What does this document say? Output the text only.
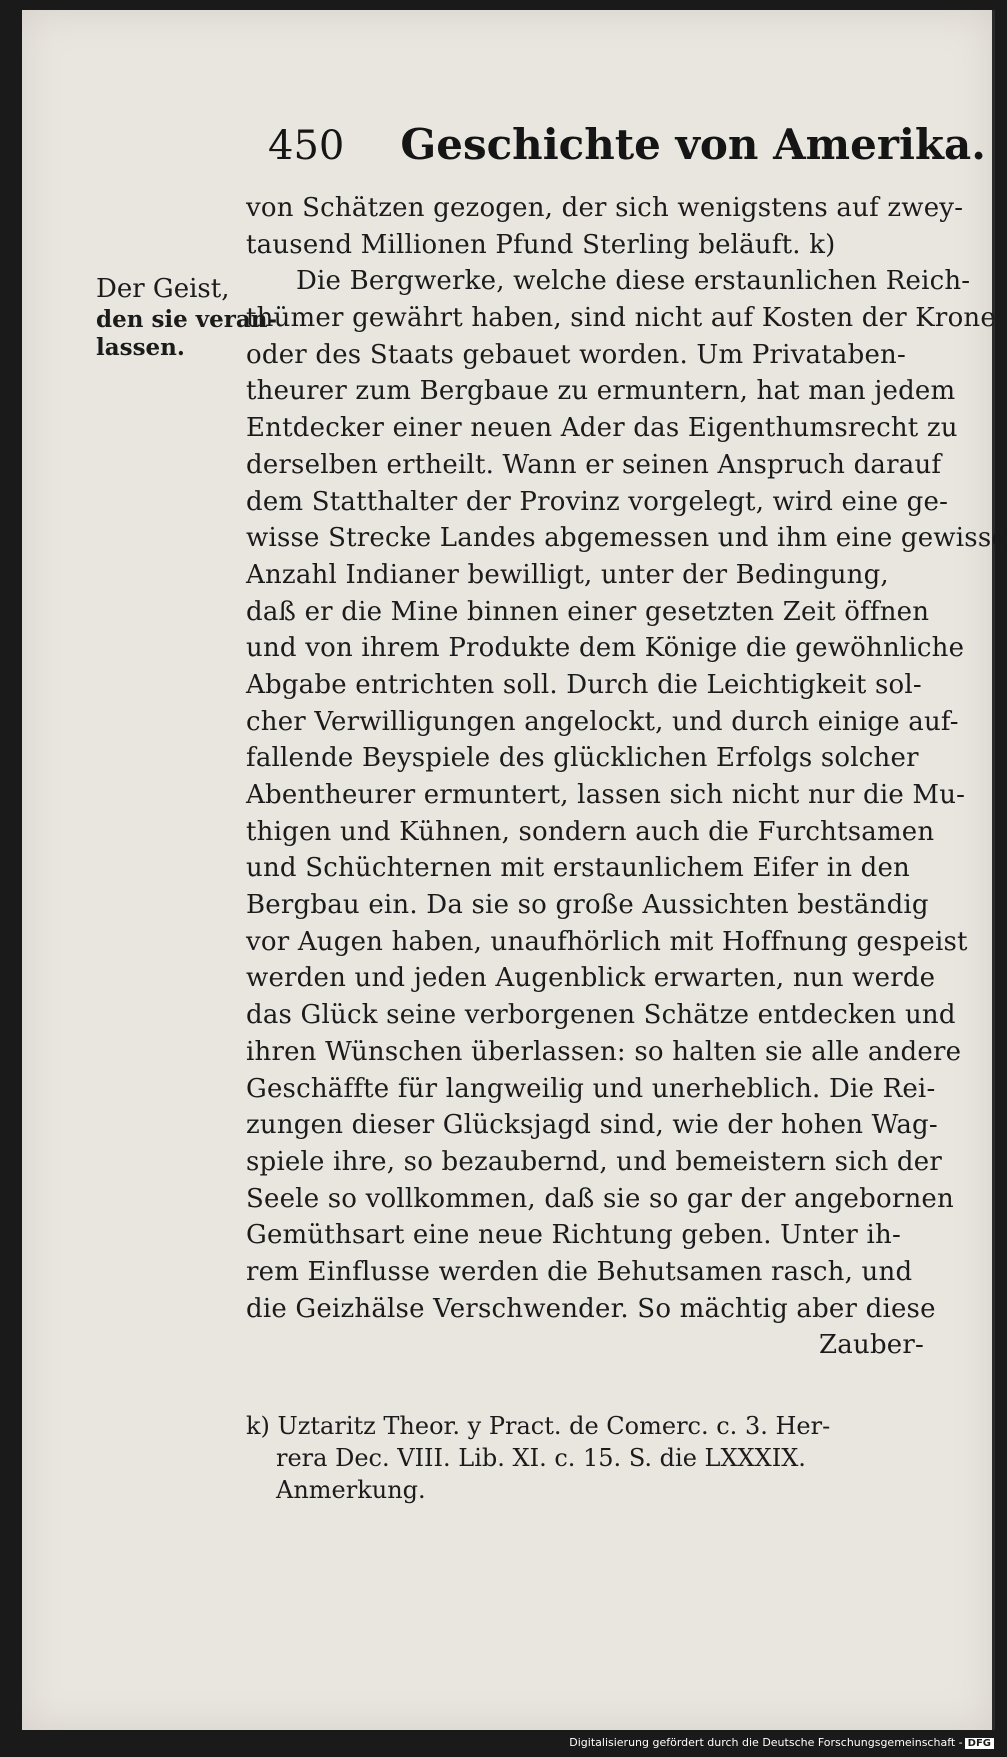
450 Geschichte von Amerika.
Der Geist,
den sie veran-
lassen.
von Schätzen gezogen, der sich wenigstens auf zwey-
tausend Millionen Pfund Sterling beläuft. k)
Die Bergwerke, welche diese erstaunlichen Reich-
thümer gewährt haben, sind nicht auf Kosten der Krone
oder des Staats gebauet worden. Um Privataben-
theurer zum Bergbaue zu ermuntern, hat man jedem
Entdecker einer neuen Ader das Eigenthumsrecht zu
derselben ertheilt. Wann er seinen Anspruch darauf
dem Statthalter der Provinz vorgelegt, wird eine ge-
wisse Strecke Landes abgemessen und ihm eine gewisse
Anzahl Indianer bewilligt, unter der Bedingung,
daß er die Mine binnen einer gesetzten Zeit öffnen
und von ihrem Produkte dem Könige die gewöhnliche
Abgabe entrichten soll. Durch die Leichtigkeit sol-
cher Verwilligungen angelockt, und durch einige auf-
fallende Beyspiele des glücklichen Erfolgs solcher
Abentheurer ermuntert, lassen sich nicht nur die Mu-
thigen und Kühnen, sondern auch die Furchtsamen
und Schüchternen mit erstaunlichem Eifer in den
Bergbau ein. Da sie so große Aussichten beständig
vor Augen haben, unaufhörlich mit Hoffnung gespeist
werden und jeden Augenblick erwarten, nun werde
das Glück seine verborgenen Schätze entdecken und
ihren Wünschen überlassen: so halten sie alle andere
Geschäffte für langweilig und unerheblich. Die Rei-
zungen dieser Glücksjagd sind, wie der hohen Wag-
spiele ihre, so bezaubernd, und bemeistern sich der
Seele so vollkommen, daß sie so gar der angebornen
Gemüthsart eine neue Richtung geben. Unter ih-
rem Einflusse werden die Behutsamen rasch, und
die Geizhälse Verschwender. So mächtig aber diese
Zauber-
k) Uztaritz Theor. y Pract. de Comerc. c. 3. Her-
rera Dec. VIII. Lib. XI. c. 15. S. die LXXXIX.
Anmerkung.
Digitalisierung gefördert durch die Deutsche Forschungsgemeinschaft - DFG
